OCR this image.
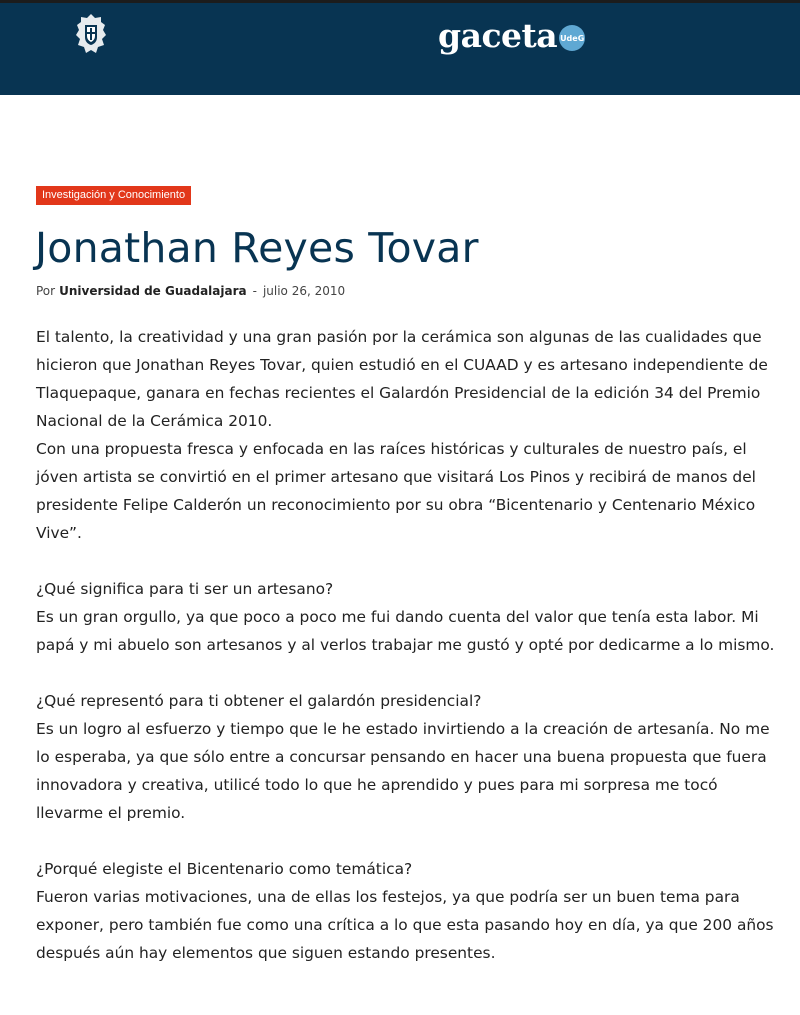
gaceta UdeG
Investigación y Conocimiento
Jonathan Reyes Tovar
Por Universidad de Guadalajara - julio 26, 2010

El talento, la creatividad y una gran pasión por la cerámica son algunas de las cualidades que hicieron que Jonathan Reyes Tovar, quien estudió en el CUAAD y es artesano independiente de Tlaquepaque, ganara en fechas recientes el Galardón Presidencial de la edición 34 del Premio Nacional de la Cerámica 2010.

Con una propuesta fresca y enfocada en las raíces históricas y culturales de nuestro país, el jóven artista se convirtió en el primer artesano que visitará Los Pinos y recibirá de manos del presidente Felipe Calderón un reconocimiento por su obra “Bicentenario y Centenario México Vive”.

¿Qué significa para ti ser un artesano?

Es un gran orgullo, ya que poco a poco me fui dando cuenta del valor que tenía esta labor. Mi papá y mi abuelo son artesanos y al verlos trabajar me gustó y opté por dedicarme a lo mismo.

¿Qué representó para ti obtener el galardón presidencial?

Es un logro al esfuerzo y tiempo que le he estado invirtiendo a la creación de artesanía. No me lo esperaba, ya que sólo entre a concursar pensando en hacer una buena propuesta que fuera innovadora y creativa, utilicé todo lo que he aprendido y pues para mi sorpresa me tocó llevarme el premio.

¿Porqué elegiste el Bicentenario como temática?

Fueron varias motivaciones, una de ellas los festejos, ya que podría ser un buen tema para exponer, pero también fue como una crítica a lo que esta pasando hoy en día, ya que 200 años después aún hay elementos que siguen estando presentes.
